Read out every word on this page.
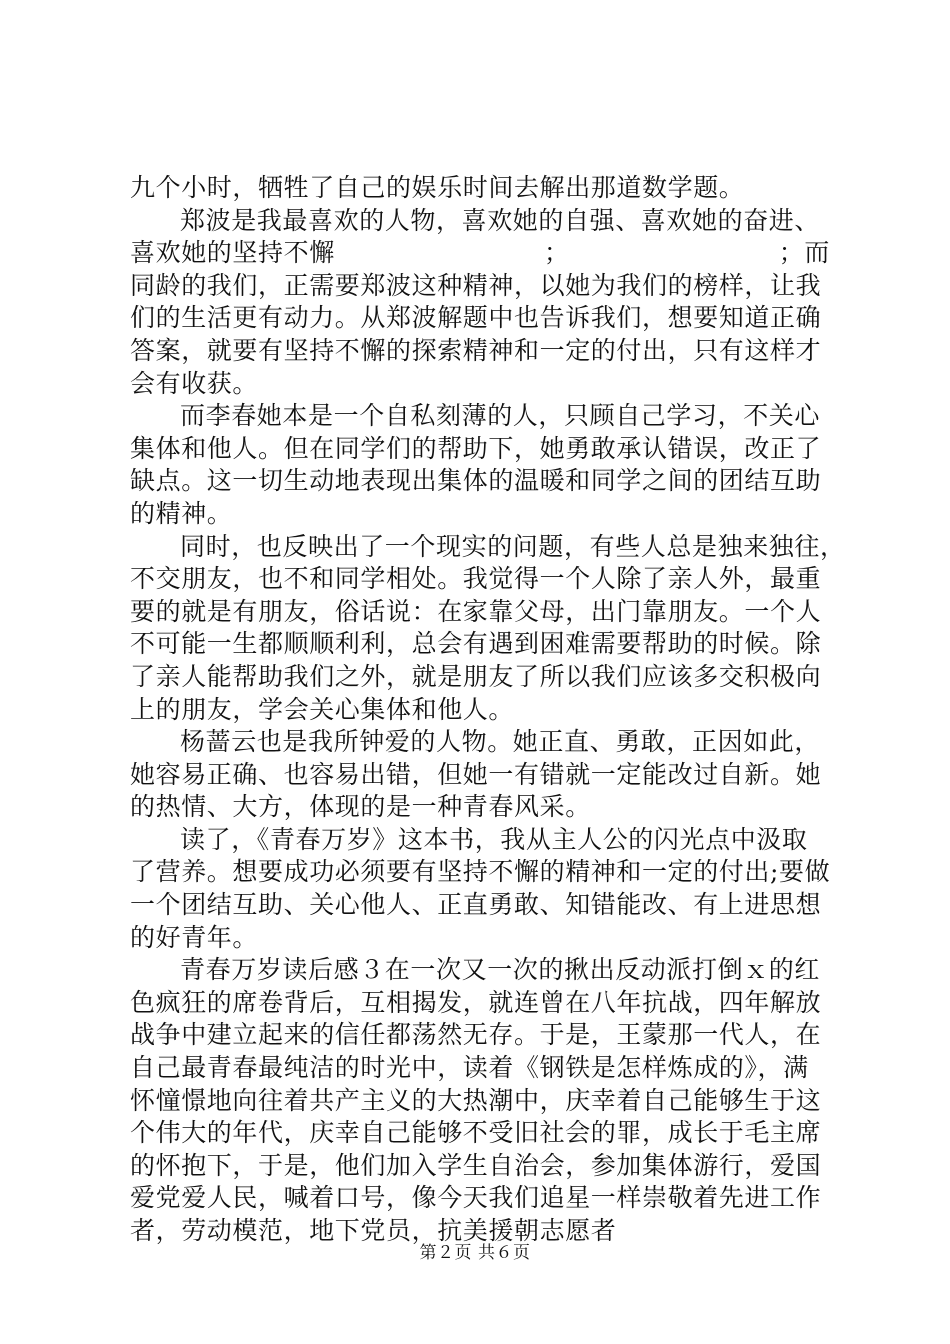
九个小时，牺牲了自己的娱乐时间去解出那道数学题。
郑波是我最喜欢的人物，喜欢她的自强、喜欢她的奋进、
喜欢她的坚持不懈	；	；而
同龄的我们，正需要郑波这种精神，以她为我们的榜样，让我
们的生活更有动力。从郑波解题中也告诉我们，想要知道正确
答案，就要有坚持不懈的探索精神和一定的付出，只有这样才
会有收获。
而李春她本是一个自私刻薄的人，只顾自己学习，不关心
集体和他人。但在同学们的帮助下，她勇敢承认错误，改正了
缺点。这一切生动地表现出集体的温暖和同学之间的团结互助
的精神。
同时，也反映出了一个现实的问题，有些人总是独来独往，
不交朋友，也不和同学相处。我觉得一个人除了亲人外，最重
要的就是有朋友，俗话说：在家靠父母，出门靠朋友。一个人
不可能一生都顺顺利利，总会有遇到困难需要帮助的时候。除
了亲人能帮助我们之外，就是朋友了所以我们应该多交积极向
上的朋友，学会关心集体和他人。
杨蔷云也是我所钟爱的人物。她正直、勇敢，正因如此，
她容易正确、也容易出错，但她一有错就一定能改过自新。她
的热情、大方，体现的是一种青春风采。
读了，《青春万岁》这本书，我从主人公的闪光点中汲取
了营养。想要成功必须要有坚持不懈的精神和一定的付出;要做
一个团结互助、关心他人、正直勇敢、知错能改、有上进思想
的好青年。
青春万岁读后感３在一次又一次的揪出反动派打倒ｘ的红
色疯狂的席卷背后，互相揭发，就连曾在八年抗战，四年解放
战争中建立起来的信任都荡然无存。于是，王蒙那一代人，在
自己最青春最纯洁的时光中，读着《钢铁是怎样炼成的》，满
怀憧憬地向往着共产主义的大热潮中，庆幸着自己能够生于这
个伟大的年代，庆幸自己能够不受旧社会的罪，成长于毛主席
的怀抱下，于是，他们加入学生自治会，参加集体游行，爱国
爱党爱人民，喊着口号，像今天我们追星一样崇敬着先进工作
者，劳动模范，地下党员，抗美援朝志愿者
第２页 共６页
